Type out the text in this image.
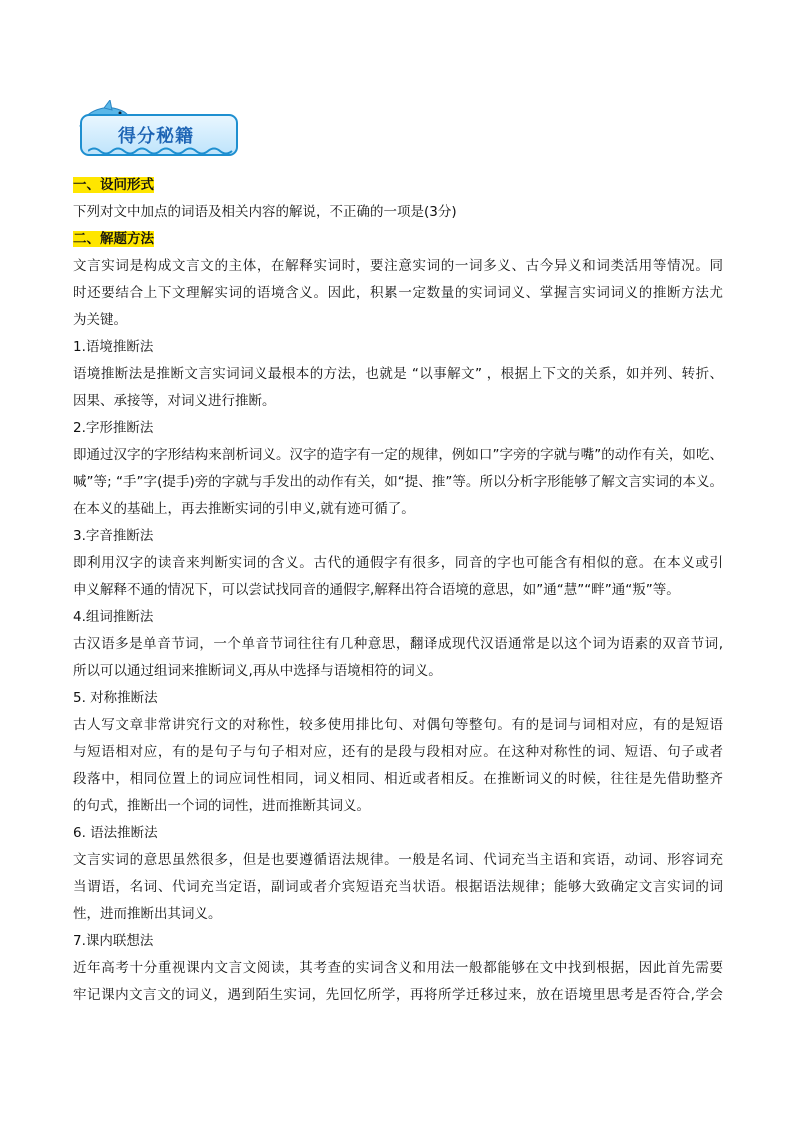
得分秘籍
一、设问形式
下列对文中加点的词语及相关内容的解说，不正确的一项是(3分)
二、解题方法
文言实词是构成文言文的主体，在解释实词时，要注意实词的一词多义、古今异义和词类活用等情况。同
时还要结合上下文理解实词的语境含义。因此，积累一定数量的实词词义、掌握言实词词义的推断方法尤
为关键。
1.语境推断法
语境推断法是推断文言实词词义最根本的方法，也就是 “以事解文” ，根据上下文的关系，如并列、转折、
因果、承接等，对词义进行推断。
2.字形推断法
即通过汉字的字形结构来剖析词义。汉字的造字有一定的规律，例如口”字旁的字就与嘴”的动作有关，如吃、
喊”等; “手”字(提手)旁的字就与手发出的动作有关，如“提、推”等。所以分析字形能够了解文言实词的本义。
在本义的基础上，再去推断实词的引申义,就有迹可循了。
3.字音推断法
即利用汉字的读音来判断实词的含义。古代的通假字有很多，同音的字也可能含有相似的意。在本义或引
申义解释不通的情况下，可以尝试找同音的通假字,解释出符合语境的意思，如”通“慧”“畔”通“叛”等。
4.组词推断法
古汉语多是单音节词，一个单音节词往往有几种意思，翻译成现代汉语通常是以这个词为语素的双音节词,
所以可以通过组词来推断词义,再从中选择与语境相符的词义。
5. 对称推断法
古人写文章非常讲究行文的对称性，较多使用排比句、对偶句等整句。有的是词与词相对应，有的是短语
与短语相对应，有的是句子与句子相对应，还有的是段与段相对应。在这种对称性的词、短语、句子或者
段落中，相同位置上的词应词性相同，词义相同、相近或者相反。在推断词义的时候，往往是先借助整齐
的句式，推断出一个词的词性，进而推断其词义。
6. 语法推断法
文言实词的意思虽然很多，但是也要遵循语法规律。一般是名词、代词充当主语和宾语，动词、形容词充
当谓语，名词、代词充当定语，副词或者介宾短语充当状语。根据语法规律；能够大致确定文言实词的词
性，进而推断出其词义。
7.课内联想法
近年高考十分重视课内文言文阅读，其考查的实词含义和用法一般都能够在文中找到根据，因此首先需要
牢记课内文言文的词义，遇到陌生实词，先回忆所学，再将所学迁移过来，放在语境里思考是否符合,学会
